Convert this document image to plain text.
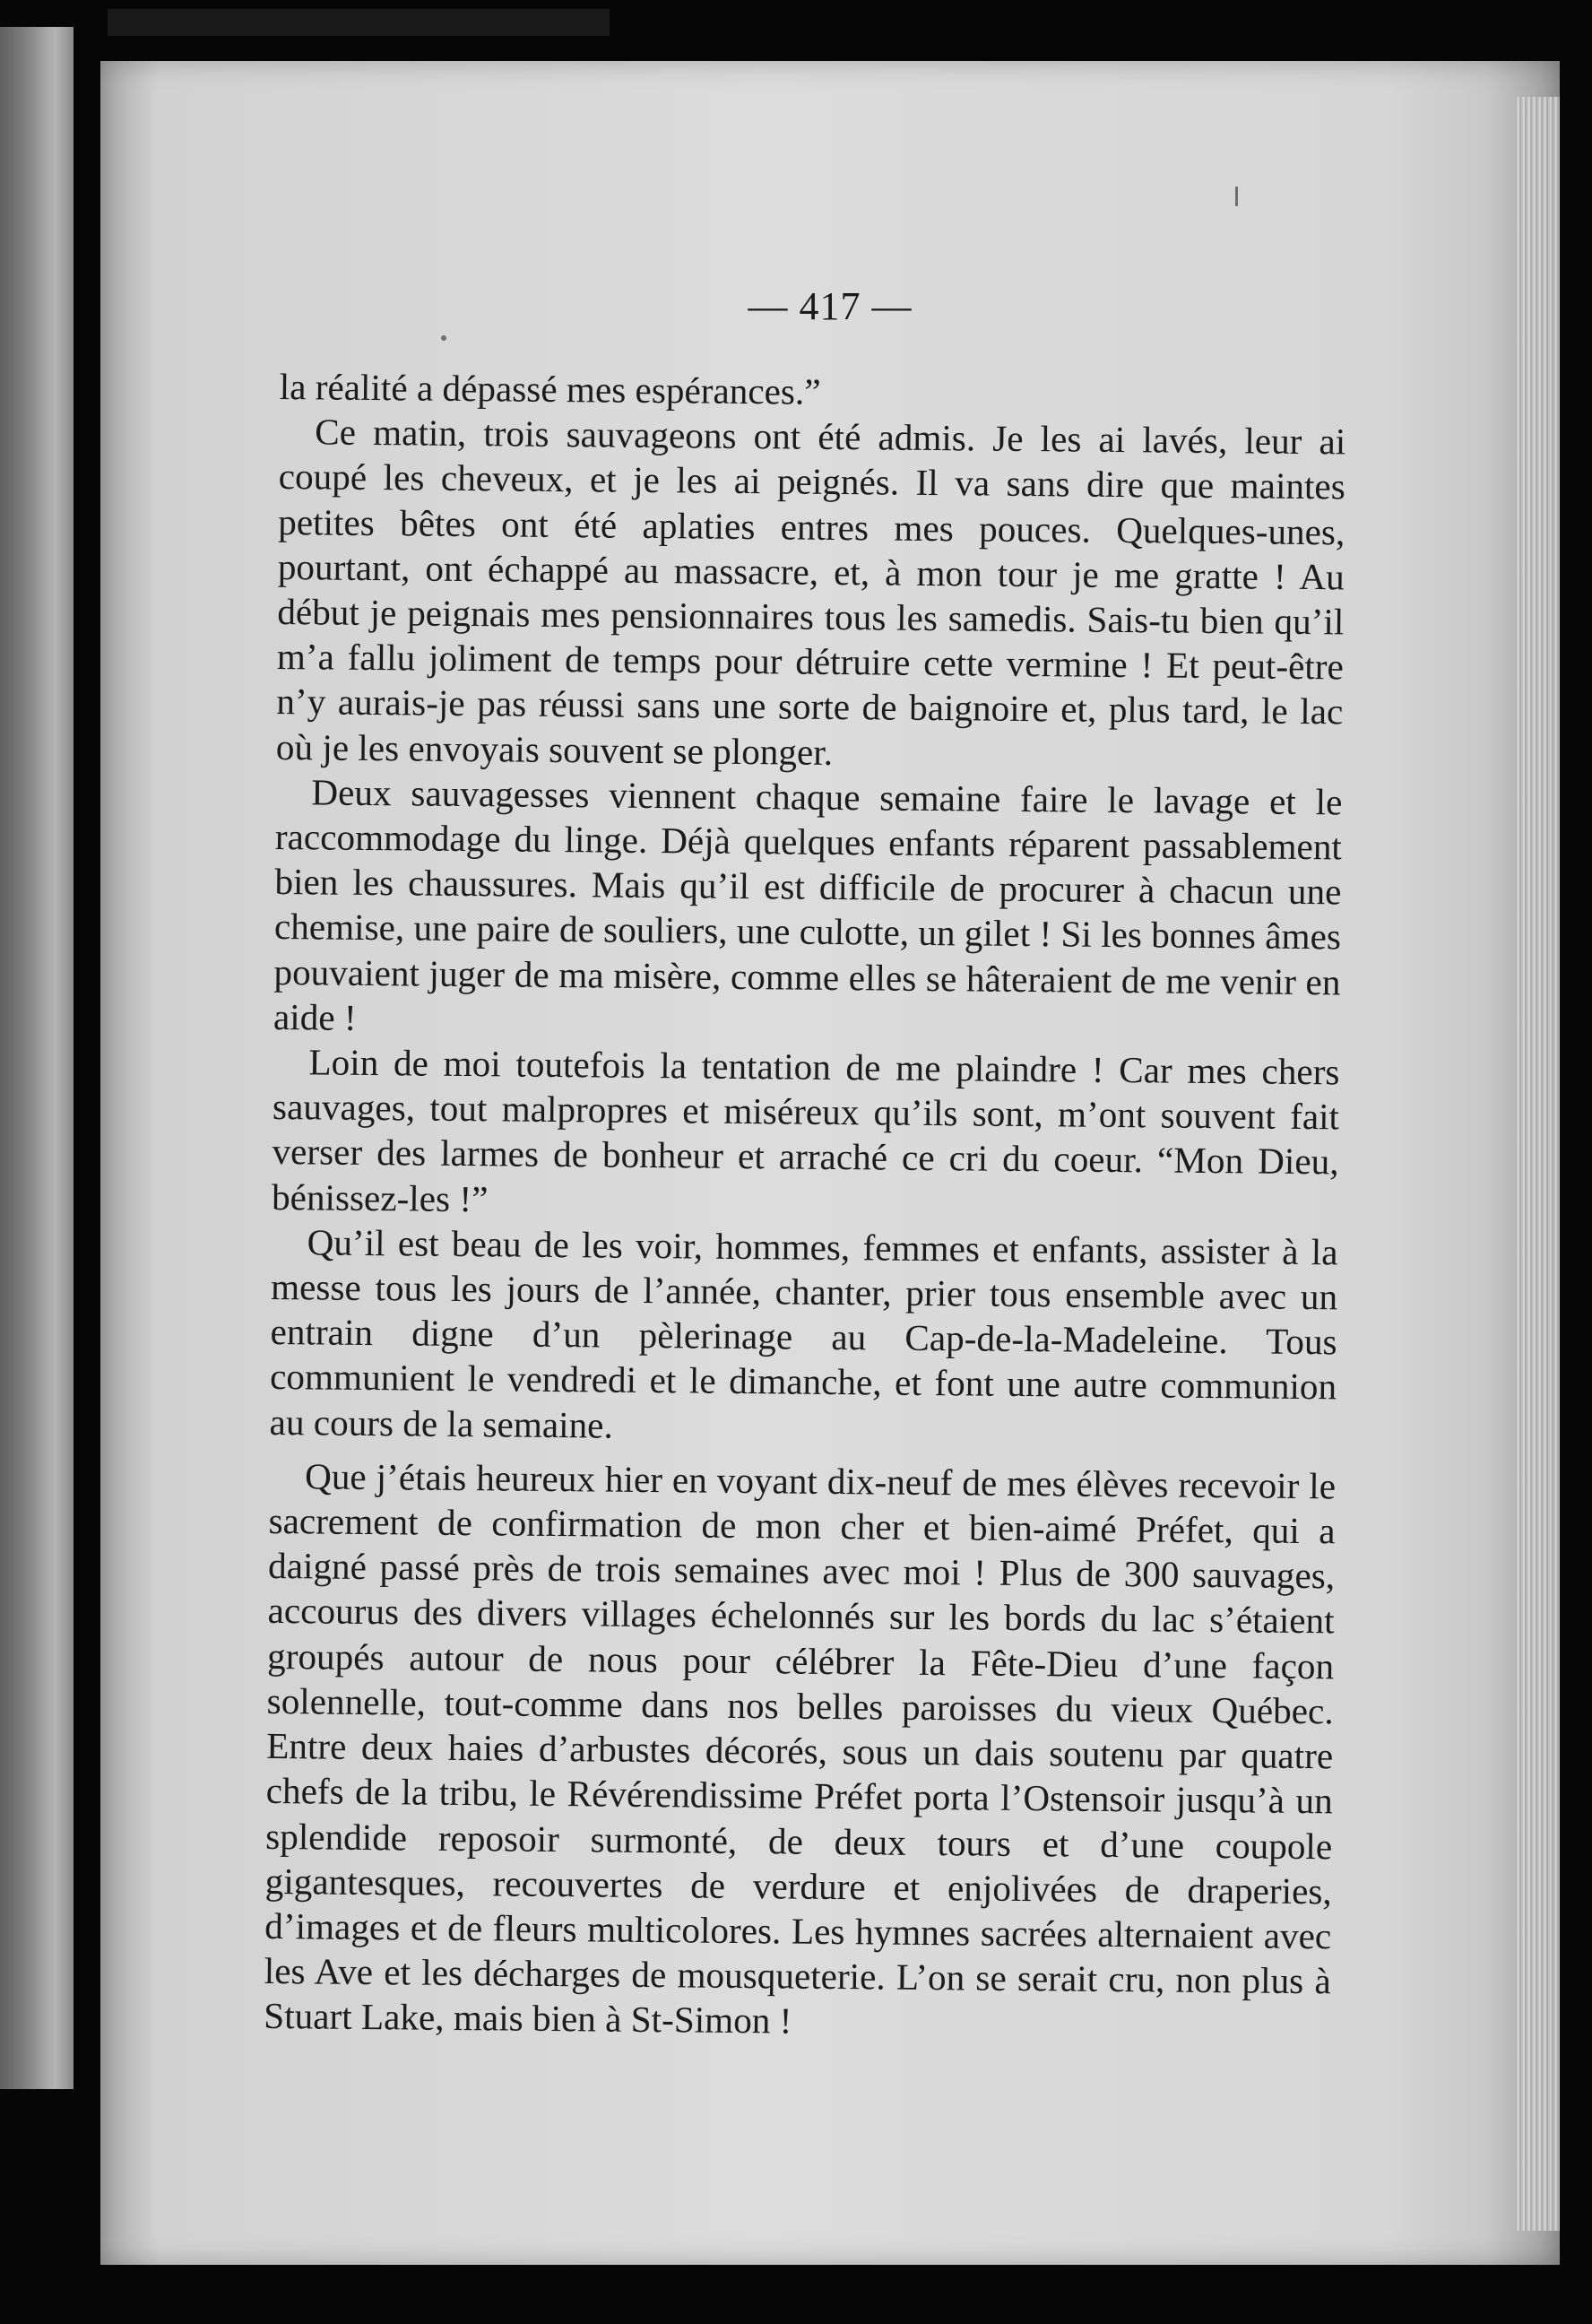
— 417 —

la réalité a dépassé mes espérances.”

Ce matin, trois sauvageons ont été admis. Je les ai lavés, leur ai coupé les cheveux, et je les ai peignés. Il va sans dire que maintes petites bêtes ont été aplaties entres mes pouces. Quelques-unes, pourtant, ont échappé au massacre, et, à mon tour je me gratte ! Au début je peignais mes pensionnaires tous les samedis. Sais-tu bien qu’il m’a fallu joliment de temps pour détruire cette vermine ! Et peut-être n’y aurais-je pas réussi sans une sorte de baignoire et, plus tard, le lac où je les envoyais souvent se plonger.

Deux sauvagesses viennent chaque semaine faire le lavage et le raccommodage du linge. Déjà quelques enfants réparent passablement bien les chaussures. Mais qu’il est difficile de procurer à chacun une chemise, une paire de souliers, une culotte, un gilet ! Si les bonnes âmes pouvaient juger de ma misère, comme elles se hâteraient de me venir en aide !

Loin de moi toutefois la tentation de me plaindre ! Car mes chers sauvages, tout malpropres et miséreux qu’ils sont, m’ont souvent fait verser des larmes de bonheur et arraché ce cri du coeur. “Mon Dieu, bénissez-les !”

Qu’il est beau de les voir, hommes, femmes et enfants, assister à la messe tous les jours de l’année, chanter, prier tous ensemble avec un entrain digne d’un pèlerinage au Cap-de-la-Madeleine. Tous communient le vendredi et le dimanche, et font une autre communion au cours de la semaine.

Que j’étais heureux hier en voyant dix-neuf de mes élèves recevoir le sacrement de confirmation de mon cher et bien-aimé Préfet, qui a daigné passé près de trois semaines avec moi ! Plus de 300 sauvages, accourus des divers villages échelonnés sur les bords du lac s’étaient groupés autour de nous pour célébrer la Fête-Dieu d’une façon solennelle, tout-comme dans nos belles paroisses du vieux Québec. Entre deux haies d’arbustes décorés, sous un dais soutenu par quatre chefs de la tribu, le Révérendissime Préfet porta l’Ostensoir jusqu’à un splendide reposoir surmonté, de deux tours et d’une coupole gigantesques, recouvertes de verdure et enjolivées de draperies, d’images et de fleurs multicolores. Les hymnes sacrées alternaient avec les Ave et les décharges de mousqueterie. L’on se serait cru, non plus à Stuart Lake, mais bien à St-Simon !
